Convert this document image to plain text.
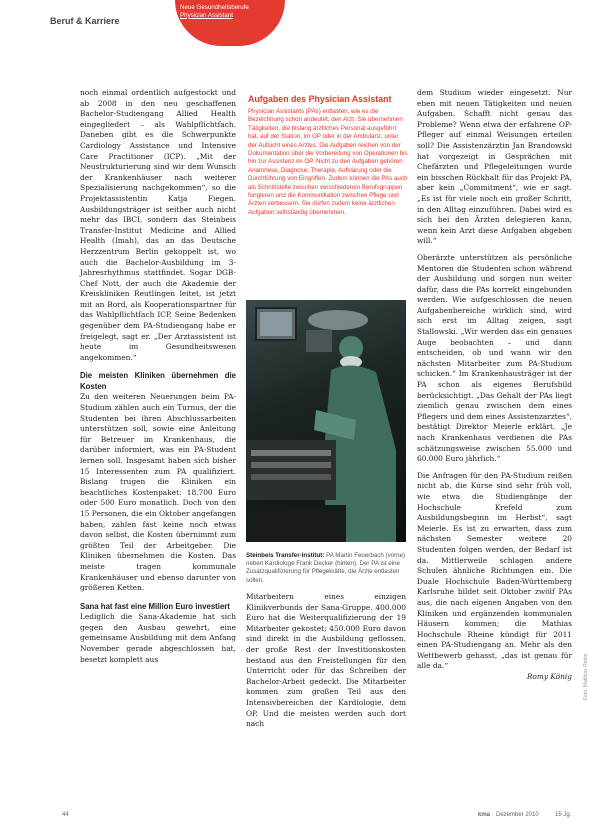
Beruf & Karriere
Neue Gesundheitsberufe
Physician Assistant

noch einmal ordentlich aufgestockt und ab 2008 in den neu geschaffenen Bachelor-Studiengang Allied Health eingegliedert – als Wahlpflichtfach. Daneben gibt es die Schwerpunkte Cardiology Assistance und Intensive Care Practitioner (ICP). „Mit der Neustrukturierung sind wir dem Wunsch der Krankenhäuser nach weiterer Spezialisierung nachgekommen“, so die Projektassistentin Katja Fiegen. Ausbildungsträger ist seither auch nicht mehr das IBCI, sondern das Steinbeis Transfer-Institut Medicine and Allied Health (Imah), das an das Deutsche Herzzentrum Berlin gekoppelt ist, wo auch die Bachelor-Ausbildung im 3-Jahresrhythmus stattfindet. Sogar DGB-Chef Nott, der auch die Akademie der Kreiskliniken Reutlingen leitet, ist jetzt mit an Bord, als Kooperationspartner für das Wahlpflichtfach ICP. Seine Bedenken gegenüber dem PA-Studiengang habe er freigelegt, sagt er. „Der Arztassistent ist heute im Gesundheitswesen angekommen.“

Die meisten Kliniken übernehmen die Kosten

Zu den weiteren Neuerungen beim PA-Studium zählen auch ein Turnus, der die Studenten bei ihren Abschlussarbeiten unterstützen soll, sowie eine Anleitung für Betreuer im Krankenhaus, die darüber informiert, was ein PA-Student lernen soll. Insgesamt haben sich bisher 15 Interessenten zum PA qualifiziert. Bislang trugen die Kliniken ein beachtliches Kostenpaket: 18.700 Euro oder 500 Euro monatlich. Doch von den 15 Personen, die ein Oktober angefangen haben, zahlen fast keine noch etwas davon selbst, die Kosten übernimmt zum größten Teil der Arbeitgeber. Die Kliniken übernehmen die Kosten. Das meiste tragen kommunale Krankenhäuser und ebenso darunter von größeren Ketten.

Sana hat fast eine Million Euro investiert

Lediglich die Sana-Akademie hat sich gegen den Ausbau gewehrt, eine gemeinsame Ausbildung mit dem Anfang November gerade abgeschlossen hat, besetzt komplett aus

Aufgaben des Physician Assistant
Physician Assistants (PAs) entlasten, wie es die Bezeichnung schon andeutet, den Arzt. Sie übernehmen Tätigkeiten, die bislang ärztliches Personal ausgeführt hat, auf der Station, im OP oder in der Ambulanz, unter der Aufsicht eines Arztes. Die Aufgaben reichen von der Dokumentation über die Vorbereitung von Operationen bis hin zur Assistenz im OP. Nicht zu den Aufgaben gehören Anamnese, Diagnose, Therapie, Aufklärung oder die Durchführung von Eingriffen. Zudem können die PAs auch als Schnittstelle zwischen verschiedenen Berufsgruppen fungieren und die Kommunikation zwischen Pflege und Ärzten verbessern. Sie dürfen zudem keine ärztlichen Aufgaben selbständig übernehmen.
Steinbeis Transfer-Institut: PA Martin Feuerbach (vorne) neben Kardiologe Frank Decker (hinten). Der PA ist eine Zusatzqualifizierung für Pflegekräfte, die Ärzte entlasten sollen.

Mitarbeitern eines einzigen Klinikverbunds der Sana-Gruppe. 400.000 Euro hat die Weiterqualifizierung der 19 Mitarbeiter gekostet; 450.000 Euro davon sind direkt in die Ausbildung geflossen, der große Rest der Investitionskosten bestand aus den Freistellungen für den Unterricht oder für das Schreiben der Bachelor-Arbeit gedeckt. Die Mitarbeiter kommen zum großen Teil aus den Intensivbereichen der Kardiologie, dem OP. Und die meisten werden auch dort nach

dem Studium wieder eingesetzt. Nur eben mit neuen Tätigkeiten und neuen Aufgaben. Schafft nicht genau das Probleme? Wenn etwa der erfahrene OP-Pfleger auf einmal Weisungen erteilen soll? Die Assistenzärztin Jan Brandowski hat vorgezeigt in Gesprächen mit Chefärzten und Pflegeleitungen wurde ein bisschen Rückhalt für das Projekt PA, aber kein „Commitment“, wie er sagt. „Es ist für viele noch ein großer Schritt, in den Alltag einzuführen. Dabei wird es sich bei den Ärzten delegieren kann, wenn kein Arzt diese Aufgaben abgeben will.“

Oberärzte unterstützen als persönliche Mentoren die Studenten schon während der Ausbildung und sorgen nun weiter dafür, dass die PAs korrekt eingebunden werden. Wie aufgeschlossen die neuen Aufgabenbereiche wirklich sind, wird sich erst im Alltag zeigen, sagt Stallowski. „Wir werden das ein genaues Auge beobachten – und dann entscheiden, ob und wann wir den nächsten Mitarbeiter zum PA-Studium schicken.“ Im Krankenhausträger ist der PA schon als eigenes Berufsbild berücksichtigt. „Das Gehalt der PAs liegt ziemlich genau zwischen dem eines Pflegers und dem eines Assistenzarztes“, bestätigt Direktor Meierle erklärt. „Je nach Krankenhaus verdienen die PAs schätzungsweise zwischen 55.000 und 60.000 Euro jährlich.“

Die Anfragen für den PA-Studium reißen nicht ab, die Kurse sind sehr früh voll, wie etwa die Studiengänge der Hochschule Krefeld zum Ausbildungsbeginn im Herbst“, sagt Meierle. Es ist zu erwarten, dass zum nächsten Semester weitere 20 Studenten folgen werden, der Bedarf ist da. Mittlerweile schlagen andere Schulen ähnliche Richtungen ein. Die Duale Hochschule Baden-Württemberg Karlsruhe bildet seit Oktober zwölf PAs aus, die nach eigenen Angaben von den Kliniken und ergänzenden kommunalen Häusern kommen; die Mathias Hochschule Rheine kündigt für 2011 einen PA-Studiengang an. Mehr als den Wettbewerb gehasst, „das ist genau für alle da.“

Romy König

44	kma Dezember 2010	15 Jg.
Foto: Matthias Rothe
